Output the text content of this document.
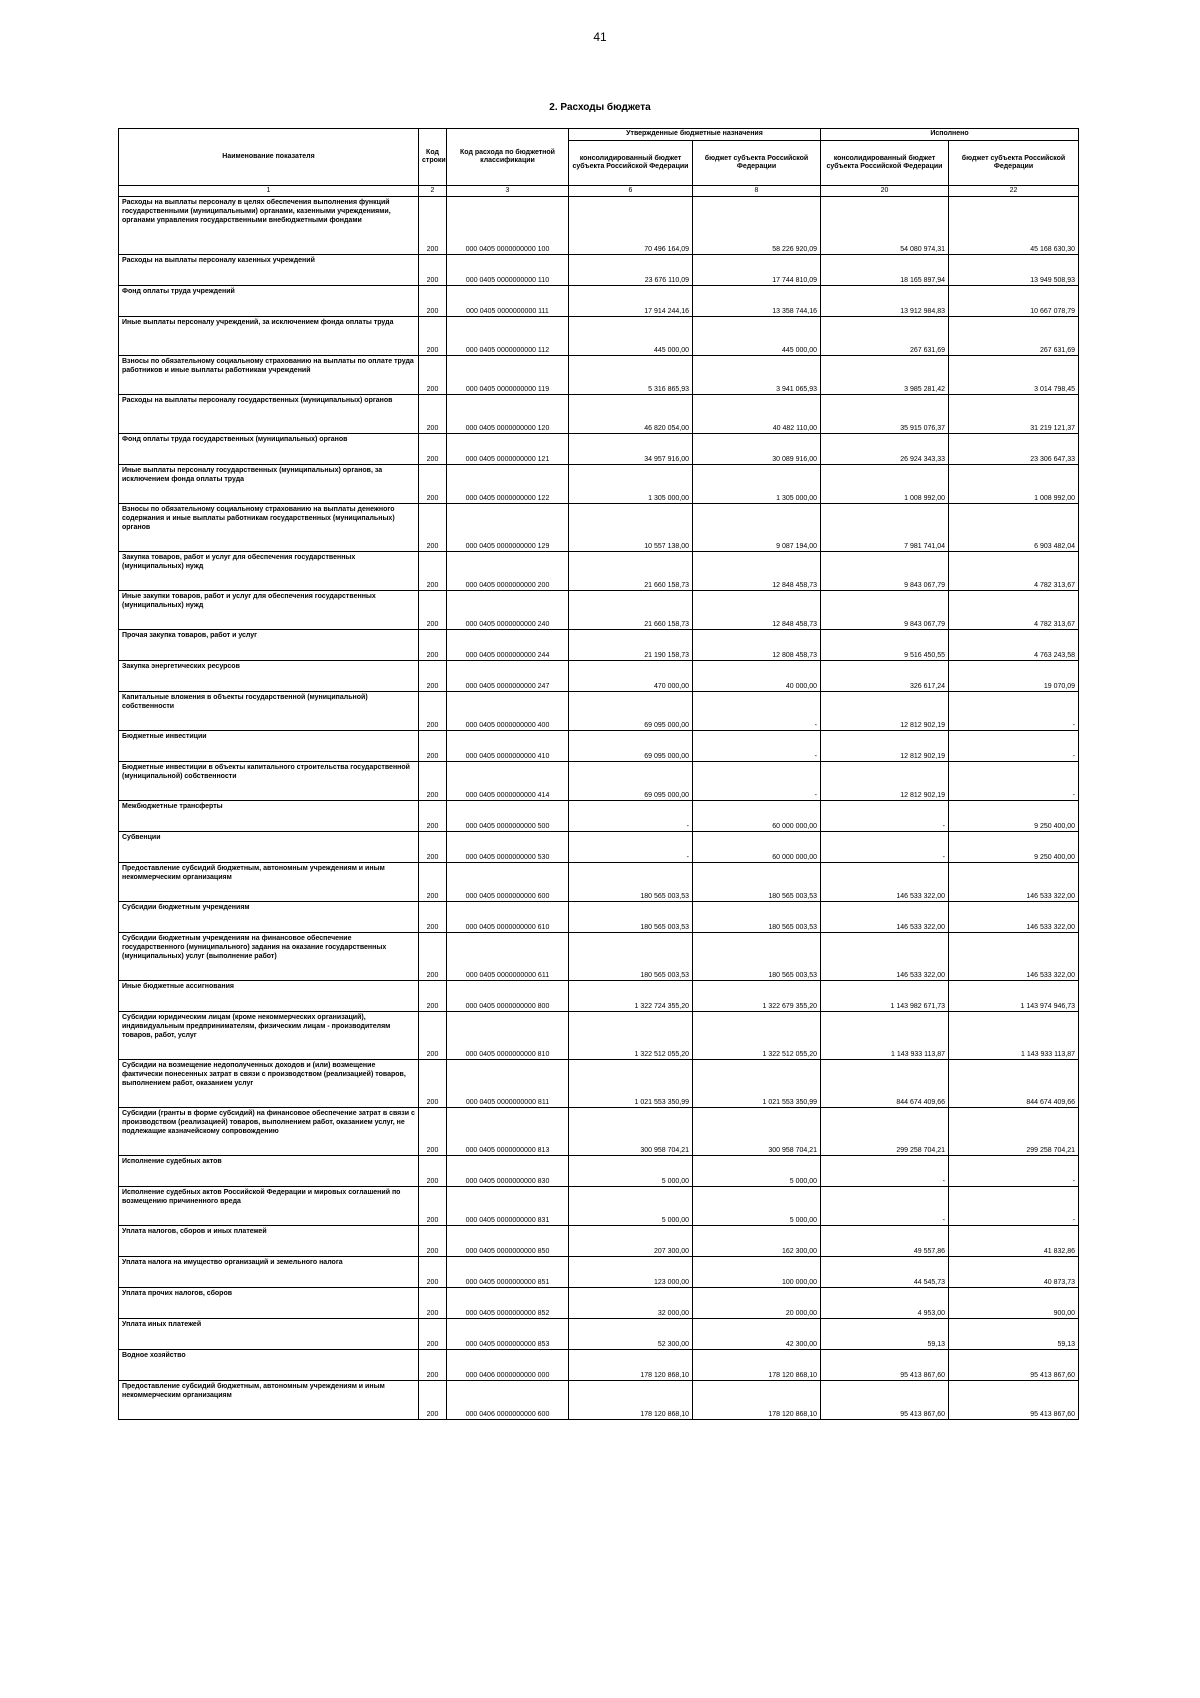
41
2. Расходы бюджета
Наименование показателя	Код строки	Код расхода по бюджетной классификации	Утвержденные бюджетные назначения		Исполнено	
			консолидированный бюджет субъекта Российской Федерации	бюджет субъекта Российской Федерации	консолидированный бюджет субъекта Российской Федерации	бюджет субъекта Российской Федерации
1	2	3	6	8	20	22
Расходы на выплаты персоналу в целях обеспечения выполнения функций государственными (муниципальными) органами, казенными учреждениями, органами управления государственными внебюджетными фондами	200	000 0405 0000000000 100	70 496 164,09	58 226 920,09	54 080 974,31	45 168 630,30
Расходы на выплаты персоналу казенных учреждений	200	000 0405 0000000000 110	23 676 110,09	17 744 810,09	18 165 897,94	13 949 508,93
Фонд оплаты труда учреждений	200	000 0405 0000000000 111	17 914 244,16	13 358 744,16	13 912 984,83	10 667 078,79
Иные выплаты персоналу учреждений, за исключением фонда оплаты труда	200	000 0405 0000000000 112	445 000,00	445 000,00	267 631,69	267 631,69
Взносы по обязательному социальному страхованию на выплаты по оплате труда работников и иные выплаты работникам учреждений	200	000 0405 0000000000 119	5 316 865,93	3 941 065,93	3 985 281,42	3 014 798,45
Расходы на выплаты персоналу государственных (муниципальных) органов	200	000 0405 0000000000 120	46 820 054,00	40 482 110,00	35 915 076,37	31 219 121,37
Фонд оплаты труда государственных (муниципальных) органов	200	000 0405 0000000000 121	34 957 916,00	30 089 916,00	26 924 343,33	23 306 647,33
Иные выплаты персоналу государственных (муниципальных) органов, за исключением фонда оплаты труда	200	000 0405 0000000000 122	1 305 000,00	1 305 000,00	1 008 992,00	1 008 992,00
Взносы по обязательному социальному страхованию на выплаты денежного содержания и иные выплаты работникам государственных (муниципальных) органов	200	000 0405 0000000000 129	10 557 138,00	9 087 194,00	7 981 741,04	6 903 482,04
Закупка товаров, работ и услуг для обеспечения государственных (муниципальных) нужд	200	000 0405 0000000000 200	21 660 158,73	12 848 458,73	9 843 067,79	4 782 313,67
Иные закупки товаров, работ и услуг для обеспечения государственных (муниципальных) нужд	200	000 0405 0000000000 240	21 660 158,73	12 848 458,73	9 843 067,79	4 782 313,67
Прочая закупка товаров, работ и услуг	200	000 0405 0000000000 244	21 190 158,73	12 808 458,73	9 516 450,55	4 763 243,58
Закупка энергетических ресурсов	200	000 0405 0000000000 247	470 000,00	40 000,00	326 617,24	19 070,09
Капитальные вложения в объекты государственной (муниципальной) собственности	200	000 0405 0000000000 400	69 095 000,00	-	12 812 902,19	-
Бюджетные инвестиции	200	000 0405 0000000000 410	69 095 000,00	-	12 812 902,19	-
Бюджетные инвестиции в объекты капитального строительства государственной (муниципальной) собственности	200	000 0405 0000000000 414	69 095 000,00	-	12 812 902,19	-
Межбюджетные трансферты	200	000 0405 0000000000 500	-	60 000 000,00	-	9 250 400,00
Субвенции	200	000 0405 0000000000 530	-	60 000 000,00	-	9 250 400,00
Предоставление субсидий бюджетным, автономным учреждениям и иным некоммерческим организациям	200	000 0405 0000000000 600	180 565 003,53	180 565 003,53	146 533 322,00	146 533 322,00
Субсидии бюджетным учреждениям	200	000 0405 0000000000 610	180 565 003,53	180 565 003,53	146 533 322,00	146 533 322,00
Субсидии бюджетным учреждениям на финансовое обеспечение государственного (муниципального) задания на оказание государственных (муниципальных) услуг (выполнение работ)	200	000 0405 0000000000 611	180 565 003,53	180 565 003,53	146 533 322,00	146 533 322,00
Иные бюджетные ассигнования	200	000 0405 0000000000 800	1 322 724 355,20	1 322 679 355,20	1 143 982 671,73	1 143 974 946,73
Субсидии юридическим лицам (кроме некоммерческих организаций), индивидуальным предпринимателям, физическим лицам - производителям товаров, работ, услуг	200	000 0405 0000000000 810	1 322 512 055,20	1 322 512 055,20	1 143 933 113,87	1 143 933 113,87
Субсидии на возмещение недополученных доходов и (или) возмещение фактически понесенных затрат в связи с производством (реализацией) товаров, выполнением работ, оказанием услуг	200	000 0405 0000000000 811	1 021 553 350,99	1 021 553 350,99	844 674 409,66	844 674 409,66
Субсидии (гранты в форме субсидий) на финансовое обеспечение затрат в связи с производством (реализацией) товаров, выполнением работ, оказанием услуг, не подлежащие казначейскому сопровождению	200	000 0405 0000000000 813	300 958 704,21	300 958 704,21	299 258 704,21	299 258 704,21
Исполнение судебных актов	200	000 0405 0000000000 830	5 000,00	5 000,00	-	-
Исполнение судебных актов Российской Федерации и мировых соглашений по возмещению причиненного вреда	200	000 0405 0000000000 831	5 000,00	5 000,00	-	-
Уплата налогов, сборов и иных платежей	200	000 0405 0000000000 850	207 300,00	162 300,00	49 557,86	41 832,86
Уплата налога на имущество организаций и земельного налога	200	000 0405 0000000000 851	123 000,00	100 000,00	44 545,73	40 873,73
Уплата прочих налогов, сборов	200	000 0405 0000000000 852	32 000,00	20 000,00	4 953,00	900,00
Уплата иных платежей	200	000 0405 0000000000 853	52 300,00	42 300,00	59,13	59,13
Водное хозяйство	200	000 0406 0000000000 000	178 120 868,10	178 120 868,10	95 413 867,60	95 413 867,60
Предоставление субсидий бюджетным, автономным учреждениям и иным некоммерческим организациям	200	000 0406 0000000000 600	178 120 868,10	178 120 868,10	95 413 867,60	95 413 867,60
